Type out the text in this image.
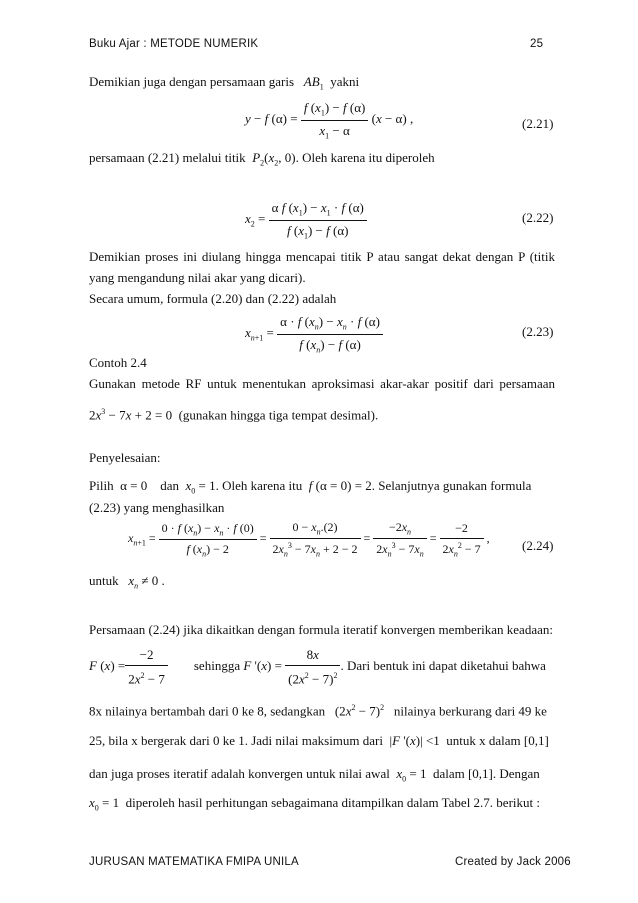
Buku Ajar : METODE NUMERIK	25
Demikian juga dengan persamaan garis $AB_1$ yakni
y − f $(\alpha) = \frac{f (x_1) - f (\alpha)}{x_1 - \alpha} (x - \alpha)$ ,	(2.21)
persamaan (2.21) melalui titik $P_2(x_2$, 0). Oleh karena itu diperoleh
$x_2 = \frac{\alpha f (x_1) - x_1 \cdot f (\alpha)}{f (x_1) - f (\alpha)}$	(2.22)
Demikian proses ini diulang hingga mencapai titik P atau sangat dekat dengan P (titik
yang mengandung nilai akar yang dicari).
Secara umum, formula (2.20) dan (2.22) adalah
$x_{n+1} = \frac{\alpha \cdot f (x_n) - x_n \cdot f (\alpha)}{f (x_n) - f (\alpha)}$	(2.23)
Contoh 2.4
Gunakan metode RF untuk menentukan aproksimasi akar-akar positif dari persamaan
$2x^3 - 7x + 2 = 0$  (gunakan hingga tiga tempat desimal).
Penyelesaian:
Pilih  α = 0    dan $x_0 = 1$. Oleh karena itu f (α = 0) = 2. Selanjutnya gunakan formula
(2.23) yang menghasilkan
$x_{n+1} = \frac{0 \cdot f (x_n) - x_n \cdot f (0)}{f (x_n) - 2} = \frac{0 - x_n.(2)}{2x_n^3 - 7x_n + 2 - 2} = \frac{-2x_n}{2x_n^3 - 7x_n} = \frac{-2}{2x_n^2 - 7}$ , (2.24)
untuk $x_n \ne 0$ .
Persamaan (2.24) jika dikaitkan dengan formula iteratif konvergen memberikan keadaan:
F $(x) = \frac{-2}{2x^2 - 7}$ sehingga F '$(x) = \frac{8x}{(2x^2 - 7)^2}$ . Dari bentuk ini dapat diketahui bahwa
8x nilainya bertambah dari 0 ke 8, sedangkan   $(2x^2 - 7)^2$ nilainya berkurang dari 49 ke
25, bila x bergerak dari 0 ke 1. Jadi nilai maksimum dari  |F '(x)| <1  untuk x dalam [0,1]
dan juga proses iteratif adalah konvergen untuk nilai awal $x_0 = 1$  dalam [0,1]. Dengan
$x_0 = 1$  diperoleh hasil perhitungan sebagaimana ditampilkan dalam Tabel 2.7. berikut :
JURUSAN MATEMATIKA FMIPA UNILA	Created by Jack 2006
